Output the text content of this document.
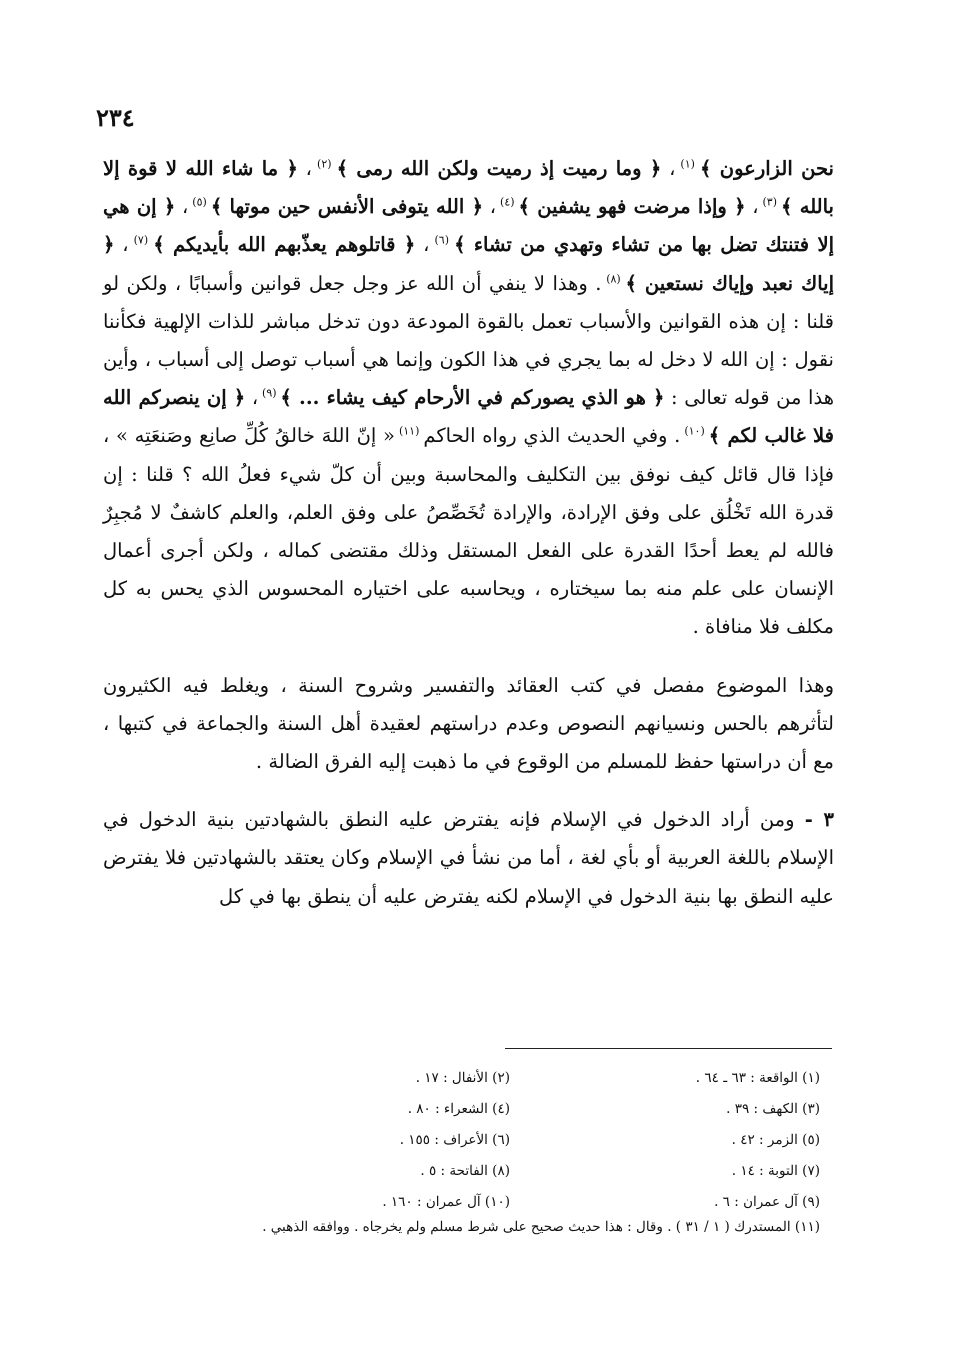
٢٣٤

نحن الزارعون ﴾ $^{(١)}$ ، ﴿ وما رميت إذ رميت ولكن الله رمى ﴾ $^{(٢)}$ ، ﴿ ما شاء الله لا قوة إلا بالله ﴾ $^{(٣)}$ ، ﴿ وإذا مرضت فهو يشفين ﴾ $^{(٤)}$ ، ﴿ الله يتوفى الأنفس حين موتها ﴾ $^{(٥)}$ ، ﴿ إن هي إلا فتنتك تضل بها من تشاء وتهدي من تشاء ﴾ $^{(٦)}$ ، ﴿ قاتلوهم يعذّبهم الله بأيديكم ﴾ $^{(٧)}$ ، ﴿ إياك نعبد وإياك نستعين ﴾ $^{(٨)}$ . وهذا لا ينفي أن الله عز وجل جعل قوانين وأسبابًا ، ولكن لو قلنا : إن هذه القوانين والأسباب تعمل بالقوة المودعة دون تدخل مباشر للذات الإلهية فكأننا نقول : إن الله لا دخل له بما يجري في هذا الكون وإنما هي أسباب توصل إلى أسباب ، وأين هذا من قوله تعالى : ﴿ هو الذي يصوركم في الأرحام كيف يشاء ... ﴾ $^{(٩)}$ ، ﴿ إن ينصركم الله فلا غالب لكم ﴾ $^{(١٠)}$ . وفي الحديث الذي رواه الحاكم $^{(١١)}$ « إنّ اللهَ خالقُ كُلِّ صانِع وصَنعَتِه » ، فإذا قال قائل كيف نوفق بين التكليف والمحاسبة وبين أن كلّ شيء فعلُ الله ؟ قلنا : إن قدرة الله تَخْلُق على وفق الإرادة، والإرادة تُخَصِّصُ على وفق العلم، والعلم كاشفٌ لا مُجبِرٌ فالله لم يعط أحدًا القدرة على الفعل المستقل وذلك مقتضى كماله ، ولكن أجرى أعمال الإنسان على علم منه بما سيختاره ، ويحاسبه على اختياره المحسوس الذي يحس به كل مكلف فلا منافاة .

وهذا الموضوع مفصل في كتب العقائد والتفسير وشروح السنة ، ويغلط فيه الكثيرون لتأثرهم بالحس ونسيانهم النصوص وعدم دراستهم لعقيدة أهل السنة والجماعة في كتبها ، مع أن دراستها حفظ للمسلم من الوقوع في ما ذهبت إليه الفرق الضالة .

٣ - ومن أراد الدخول في الإسلام فإنه يفترض عليه النطق بالشهادتين بنية الدخول في الإسلام باللغة العربية أو بأي لغة ، أما من نشأ في الإسلام وكان يعتقد بالشهادتين فلا يفترض عليه النطق بها بنية الدخول في الإسلام لكنه يفترض عليه أن ينطق بها في كل

(١) الواقعة : ٦٣ ـ ٦٤ .
(٢) الأنفال : ١٧ .
(٣) الكهف : ٣٩ .
(٤) الشعراء : ٨٠ .
(٥) الزمر : ٤٢ .
(٦) الأعراف : ١٥٥ .
(٧) التوبة : ١٤ .
(٨) الفاتحة : ٥ .
(٩) آل عمران : ٦ .
(١٠) آل عمران : ١٦٠ .
(١١) المستدرك ( ١ / ٣١ ) . وقال : هذا حديث صحيح على شرط مسلم ولم يخرجاه . ووافقه الذهبي .
